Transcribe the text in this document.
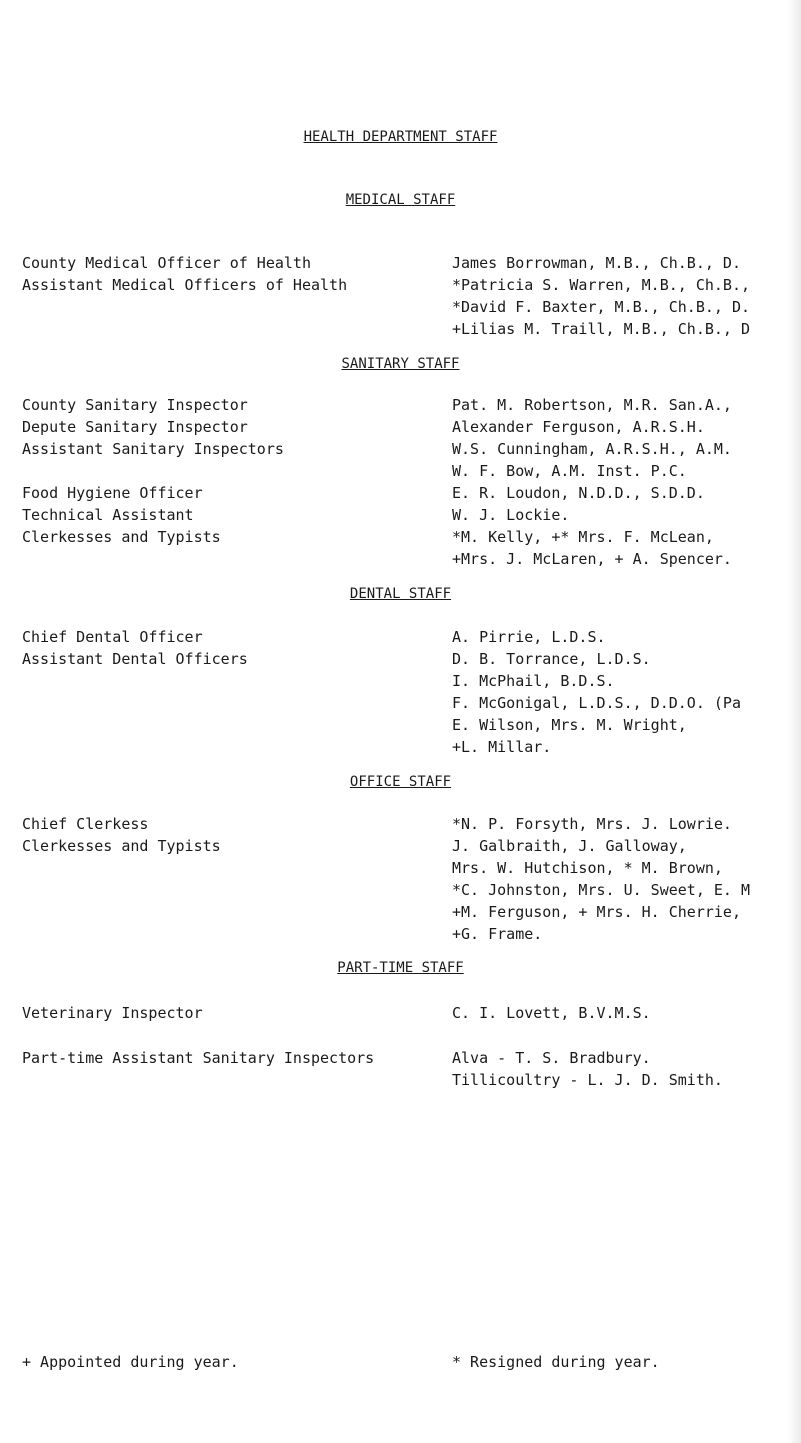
HEALTH DEPARTMENT STAFF
MEDICAL STAFF
County Medical Officer of Health
Assistant Medical Officers of Health
James Borrowman, M.B., Ch.B., D.
*Patricia S. Warren, M.B., Ch.B.,
*David F. Baxter, M.B., Ch.B., D.
+Lilias M. Traill, M.B., Ch.B., D
SANITARY STAFF
County Sanitary Inspector
Depute Sanitary Inspector
Assistant Sanitary Inspectors
Food Hygiene Officer
Technical Assistant
Clerkesses and Typists
Pat. M. Robertson, M.R. San.A.,
Alexander Ferguson, A.R.S.H.
W.S. Cunningham, A.R.S.H., A.M.
W. F. Bow, A.M. Inst. P.C.
E. R. Loudon, N.D.D., S.D.D.
W. J. Lockie.
*M. Kelly, +* Mrs. F. McLean,
+Mrs. J. McLaren, + A. Spencer.
DENTAL STAFF
Chief Dental Officer
Assistant Dental Officers
A. Pirrie, L.D.S.
D. B. Torrance, L.D.S.
I. McPhail, B.D.S.
F. McGonigal, L.D.S., D.D.O. (Pa
E. Wilson, Mrs. M. Wright,
+L. Millar.
OFFICE STAFF
Chief Clerkess
Clerkesses and Typists
*N. P. Forsyth, Mrs. J. Lowrie.
J. Galbraith, J. Galloway,
Mrs. W. Hutchison, * M. Brown,
*C. Johnston, Mrs. U. Sweet, E. M
+M. Ferguson, + Mrs. H. Cherrie,
+G. Frame.
PART-TIME STAFF
Veterinary Inspector
Part-time Assistant Sanitary Inspectors
C. I. Lovett, B.V.M.S.
Alva - T. S. Bradbury.
Tillicoultry - L. J. D. Smith.
+ Appointed during year.	* Resigned during year.
